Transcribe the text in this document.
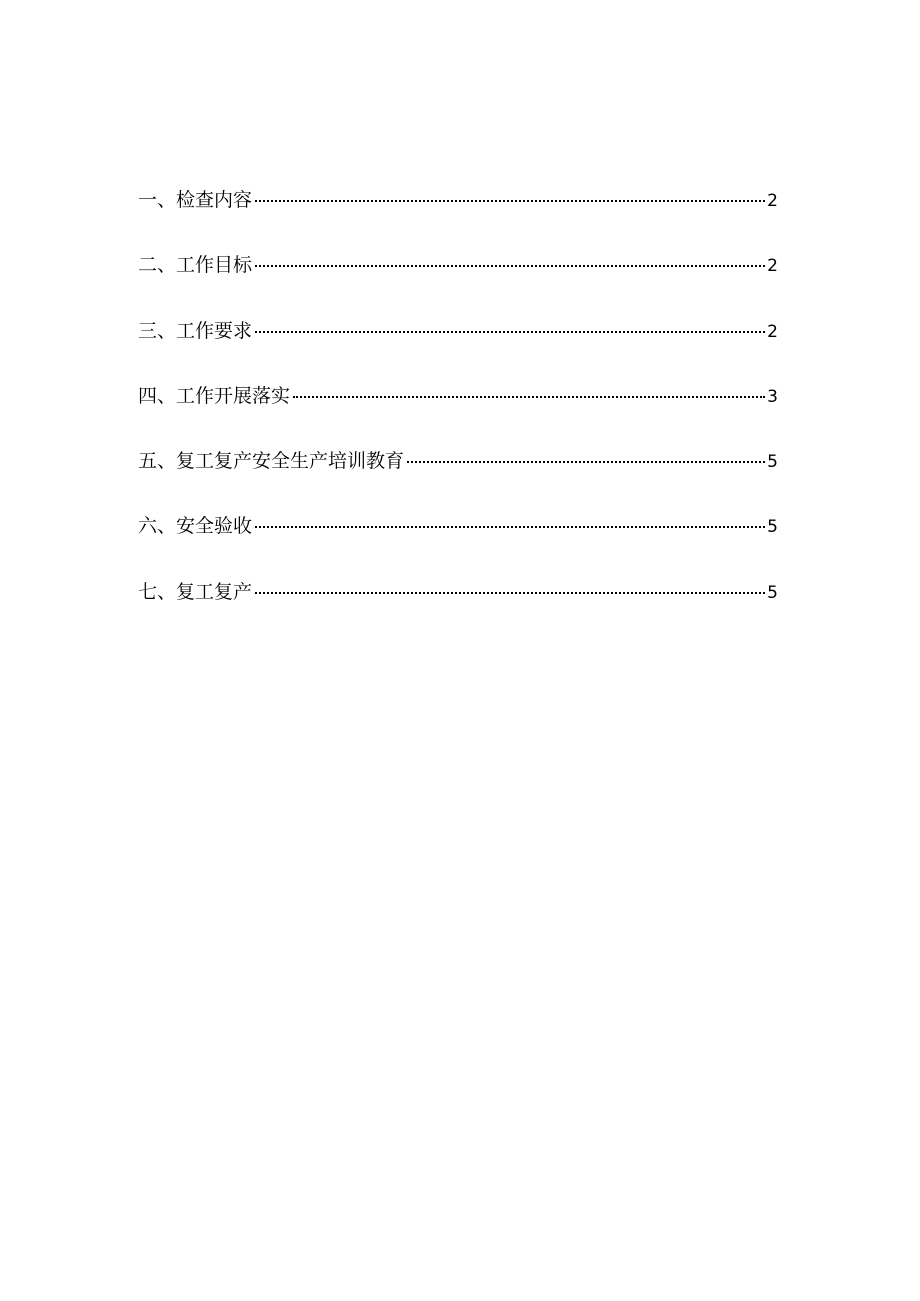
一、检查内容	2
二、工作目标	2
三、工作要求	2
四、工作开展落实	3
五、复工复产安全生产培训教育	5
六、安全验收	5
七、复工复产	5
